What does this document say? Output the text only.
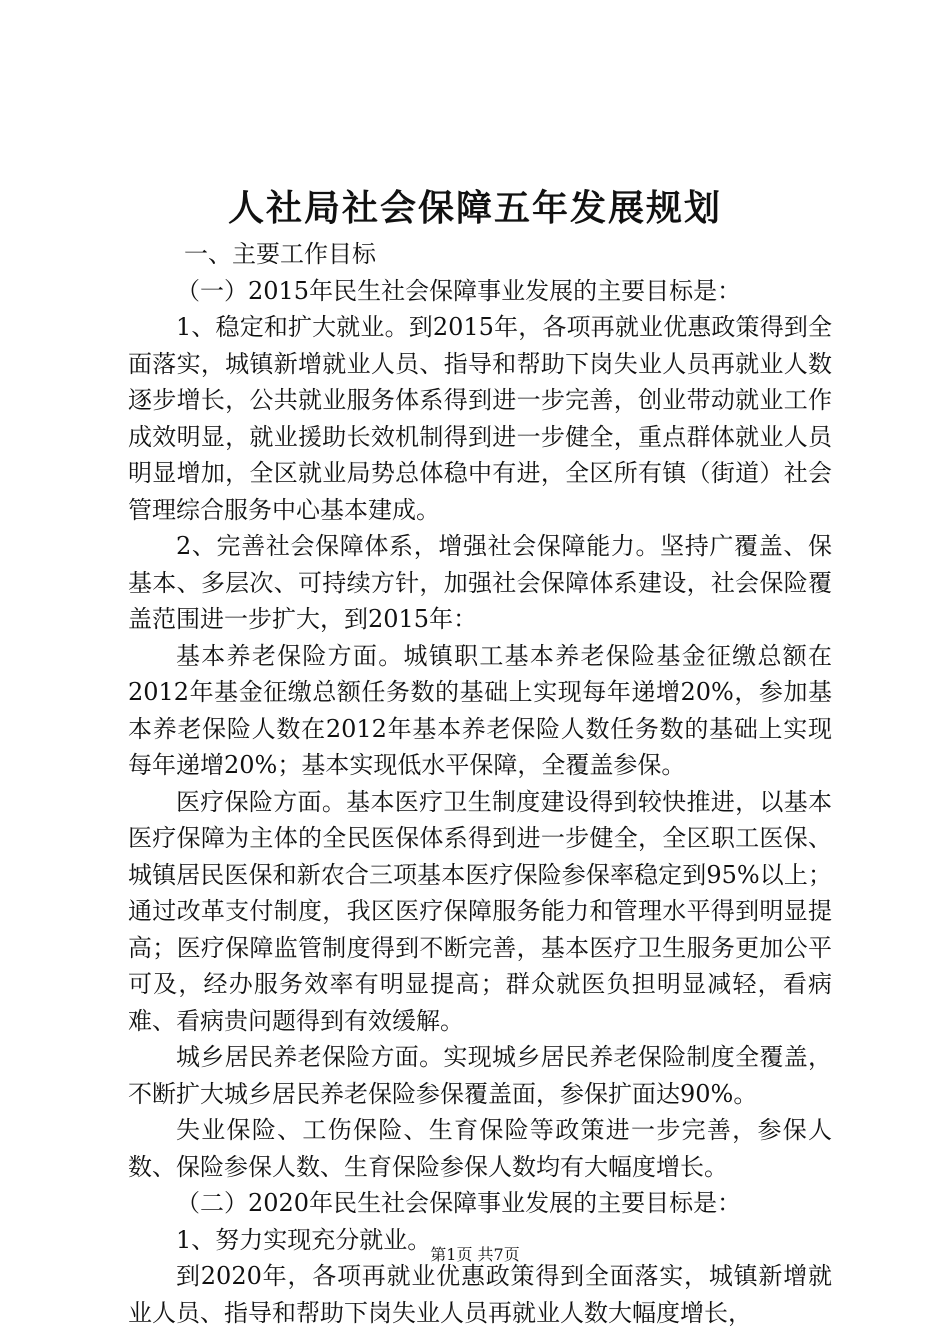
人社局社会保障五年发展规划

一、主要工作目标

（一）2015年民生社会保障事业发展的主要目标是：

1、稳定和扩大就业。到2015年，各项再就业优惠政策得到全面落实，城镇新增就业人员、指导和帮助下岗失业人员再就业人数逐步增长，公共就业服务体系得到进一步完善，创业带动就业工作成效明显，就业援助长效机制得到进一步健全，重点群体就业人员明显增加，全区就业局势总体稳中有进，全区所有镇（街道）社会管理综合服务中心基本建成。

2、完善社会保障体系，增强社会保障能力。坚持广覆盖、保基本、多层次、可持续方针，加强社会保障体系建设，社会保险覆盖范围进一步扩大，到2015年：

基本养老保险方面。城镇职工基本养老保险基金征缴总额在2012年基金征缴总额任务数的基础上实现每年递增20%，参加基本养老保险人数在2012年基本养老保险人数任务数的基础上实现每年递增20%；基本实现低水平保障，全覆盖参保。

医疗保险方面。基本医疗卫生制度建设得到较快推进，以基本医疗保障为主体的全民医保体系得到进一步健全，全区职工医保、城镇居民医保和新农合三项基本医疗保险参保率稳定到95%以上；通过改革支付制度，我区医疗保障服务能力和管理水平得到明显提高；医疗保障监管制度得到不断完善，基本医疗卫生服务更加公平可及，经办服务效率有明显提高；群众就医负担明显减轻，看病难、看病贵问题得到有效缓解。

城乡居民养老保险方面。实现城乡居民养老保险制度全覆盖，不断扩大城乡居民养老保险参保覆盖面，参保扩面达90%。

失业保险、工伤保险、生育保险等政策进一步完善，参保人数、保险参保人数、生育保险参保人数均有大幅度增长。

（二）2020年民生社会保障事业发展的主要目标是：

1、努力实现充分就业。

到2020年，各项再就业优惠政策得到全面落实，城镇新增就业人员、指导和帮助下岗失业人员再就业人数大幅度增长，

第1页 共7页
